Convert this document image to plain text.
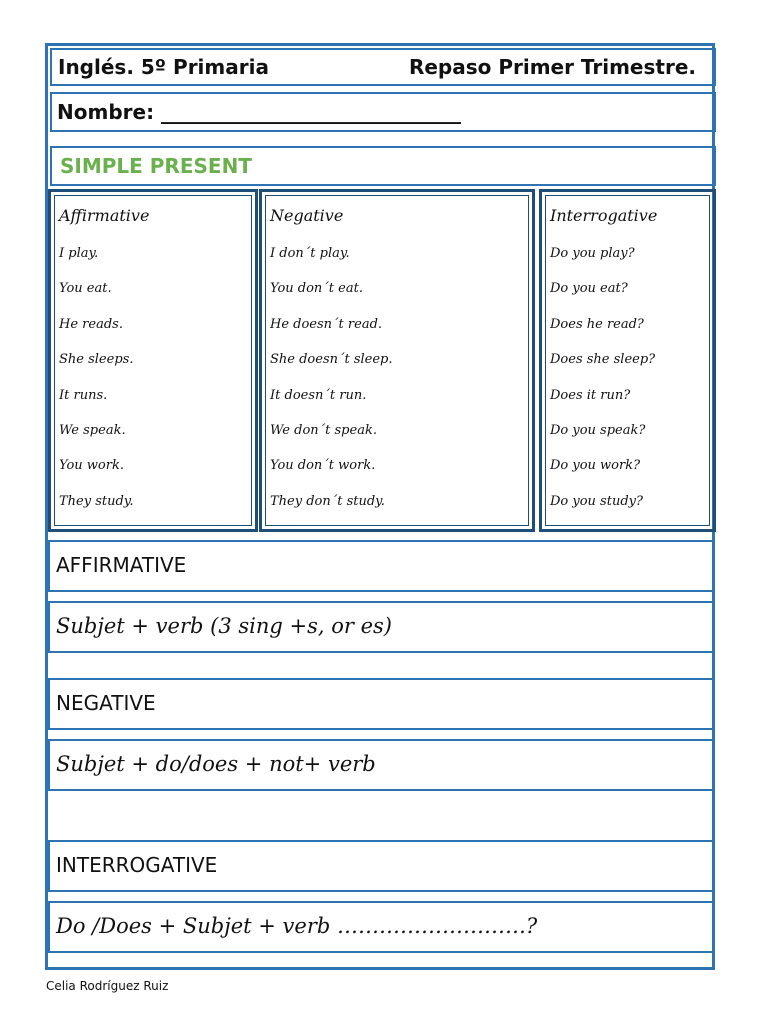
Inglés. 5º Primaria	Repaso Primer Trimestre.
Nombre: ______________________________
SIMPLE PRESENT
Affirmative
I play.
You eat.
He reads.
She sleeps.
It runs.
We speak.
You work.
They study.
Negative
I don´t play.
You don´t eat.
He doesn´t read.
She doesn´t sleep.
It doesn´t run.
We don´t speak.
You don´t work.
They don´t study.
Interrogative
Do you play?
Do you eat?
Does he read?
Does she sleep?
Does it run?
Do you speak?
Do you work?
Do you study?
AFFIRMATIVE
Subjet + verb (3 sing +s, or es)
NEGATIVE
Subjet + do/does + not+ verb
INTERROGATIVE
Do /Does + Subjet + verb ………………………?
Celia Rodríguez Ruiz
